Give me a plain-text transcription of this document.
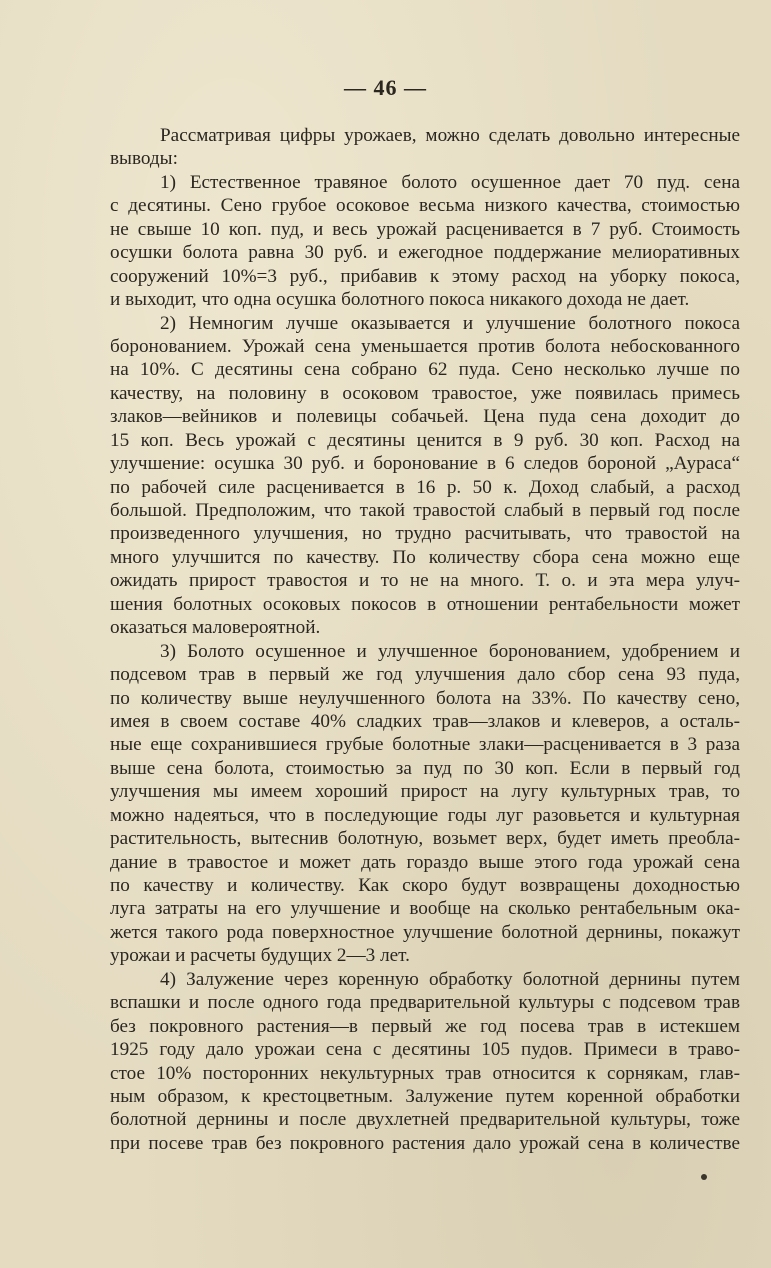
— 46 —
Рассматривая цифры урожаев, можно сделать довольно интересные
выводы:
1) Естественное травяное болото осушенное дает 70 пуд. сена
с десятины. Сено грубое осоковое весьма низкого качества, стоимостью
не свыше 10 коп. пуд, и весь урожай расценивается в 7 руб. Стоимость
осушки болота равна 30 руб. и ежегодное поддержание мелиоративных
сооружений 10%=3 руб., прибавив к этому расход на уборку покоса,
и выходит, что одна осушка болотного покоса никакого дохода не дает.
2) Немногим лучше оказывается и улучшение болотного покоса
боронованием. Урожай сена уменьшается против болота небоскованного
на 10%. С десятины сена собрано 62 пуда. Сено несколько лучше по
качеству, на половину в осоковом травостое, уже появилась примесь
злаков—вейников и полевицы собачьей. Цена пуда сена доходит до
15 коп. Весь урожай с десятины ценится в 9 руб. 30 коп. Расход на
улучшение: осушка 30 руб. и боронование в 6 следов бороной „Аураса“
по рабочей силе расценивается в 16 р. 50 к. Доход слабый, а расход
большой. Предположим, что такой травостой слабый в первый год после
произведенного улучшения, но трудно расчитывать, что травостой на
много улучшится по качеству. По количеству сбора сена можно еще
ожидать прирост травостоя и то не на много. Т. о. и эта мера улуч-
шения болотных осоковых покосов в отношении рентабельности может
оказаться маловероятной.
3) Болото осушенное и улучшенное боронованием, удобрением и
подсевом трав в первый же год улучшения дало сбор сена 93 пуда,
по количеству выше неулучшенного болота на 33%. По качеству сено,
имея в своем составе 40% сладких трав—злаков и клеверов, а осталь-
ные еще сохранившиеся грубые болотные злаки—расценивается в 3 раза
выше сена болота, стоимостью за пуд по 30 коп. Если в первый год
улучшения мы имеем хороший прирост на лугу культурных трав, то
можно надеяться, что в последующие годы луг разовьется и культурная
растительность, вытеснив болотную, возьмет верх, будет иметь преобла-
дание в травостое и может дать гораздо выше этого года урожай сена
по качеству и количеству. Как скоро будут возвращены доходностью
луга затраты на его улучшение и вообще на сколько рентабельным ока-
жется такого рода поверхностное улучшение болотной дернины, покажут
урожаи и расчеты будущих 2—3 лет.
4) Залужение через коренную обработку болотной дернины путем
вспашки и после одного года предварительной культуры с подсевом трав
без покровного растения—в первый же год посева трав в истекшем
1925 году дало урожаи сена с десятины 105 пудов. Примеси в траво-
стое 10% посторонних некультурных трав относится к сорнякам, глав-
ным образом, к крестоцветным. Залужение путем коренной обработки
болотной дернины и после двухлетней предварительной культуры, тоже
при посеве трав без покровного растения дало урожай сена в количестве
